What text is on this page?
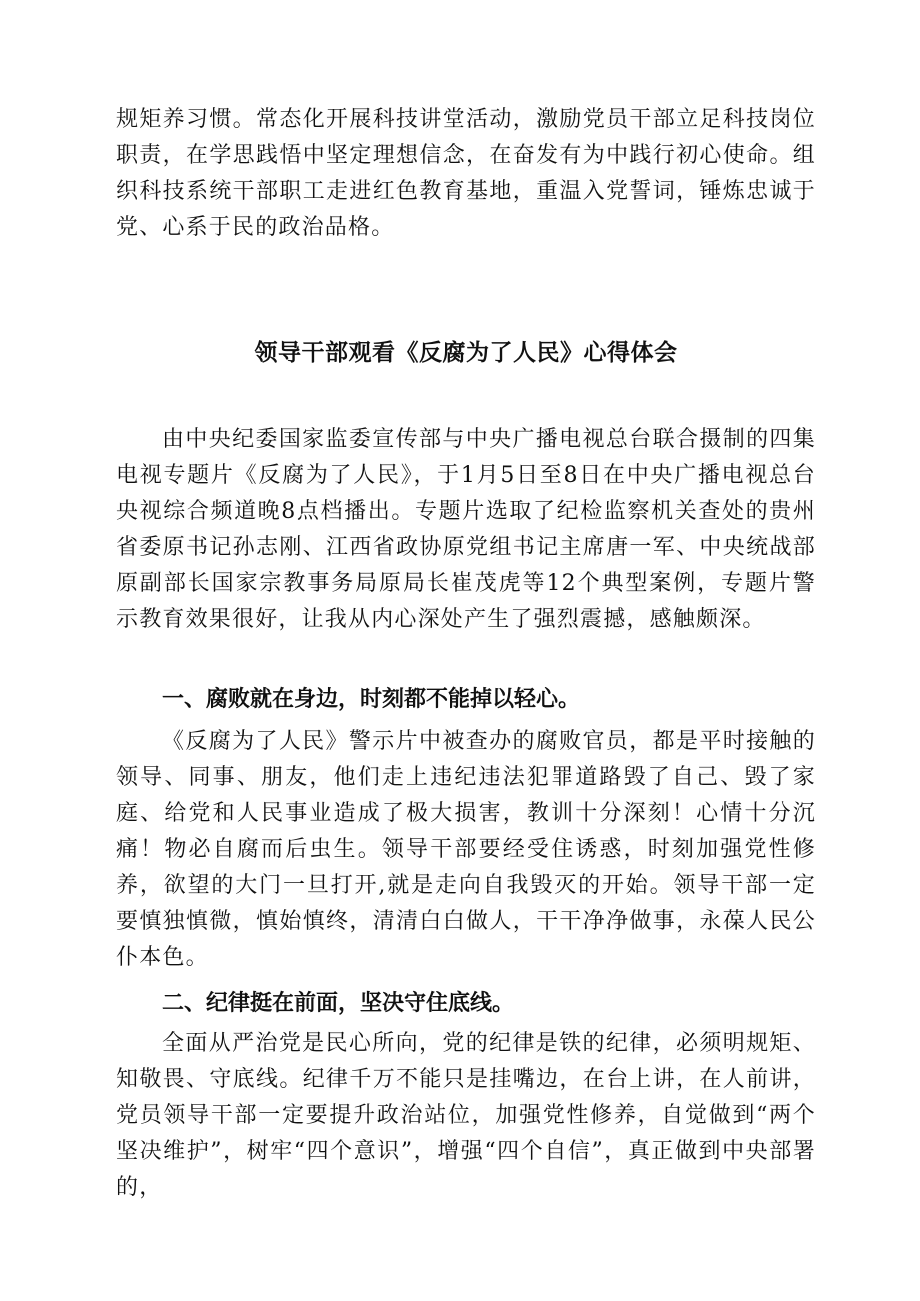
规矩养习惯。常态化开展科技讲堂活动，激励党员干部立足科技岗位职责，在学思践悟中坚定理想信念，在奋发有为中践行初心使命。组织科技系统干部职工走进红色教育基地，重温入党誓词，锤炼忠诚于党、心系于民的政治品格。

领导干部观看《反腐为了人民》心得体会

由中央纪委国家监委宣传部与中央广播电视总台联合摄制的四集电视专题片《反腐为了人民》，于1月5日至8日在中央广播电视总台央视综合频道晚8点档播出。专题片选取了纪检监察机关查处的贵州省委原书记孙志刚、江西省政协原党组书记主席唐一军、中央统战部原副部长国家宗教事务局原局长崔茂虎等12个典型案例，专题片警示教育效果很好，让我从内心深处产生了强烈震撼，感触颇深。

一、腐败就在身边，时刻都不能掉以轻心。

《反腐为了人民》警示片中被查办的腐败官员，都是平时接触的领导、同事、朋友，他们走上违纪违法犯罪道路毁了自己、毁了家庭、给党和人民事业造成了极大损害，教训十分深刻！心情十分沉痛！物必自腐而后虫生。领导干部要经受住诱惑，时刻加强党性修养，欲望的大门一旦打开,就是走向自我毁灭的开始。领导干部一定要慎独慎微，慎始慎终，清清白白做人，干干净净做事，永葆人民公仆本色。

二、纪律挺在前面，坚决守住底线。

全面从严治党是民心所向，党的纪律是铁的纪律，必须明规矩、知敬畏、守底线。纪律千万不能只是挂嘴边，在台上讲，在人前讲，党员领导干部一定要提升政治站位，加强党性修养，自觉做到“两个坚决维护”，树牢“四个意识”，增强“四个自信”，真正做到中央部署的，
